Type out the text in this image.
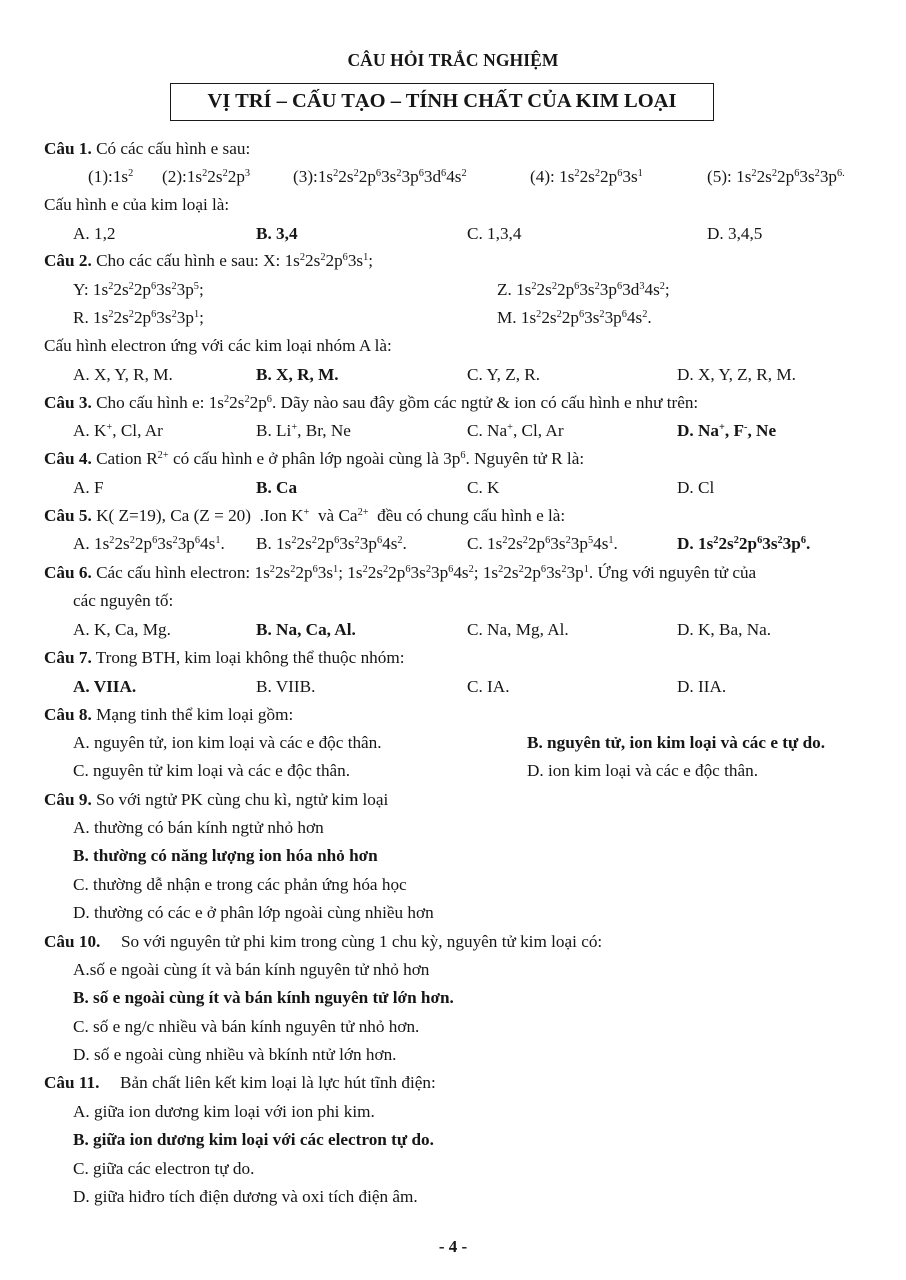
CÂU HỎI TRẮC NGHIỆM
VỊ TRÍ – CẤU TẠO – TÍNH CHẤT CỦA KIM LOẠI
Câu 1. Có các cấu hình e sau:
$(1):1s^2$ $(2):1s^22s^22p^3$ $(3):1s^22s^22p^63s^23p^63d^64s^2$	(4): $1s^22s^22p^63s^1$	(5): $1s^22s^22p^63s^23p^{6.}$
Cấu hình e của kim loại là:
A. 1,2	B. 3,4	C. 1,3,4	D. 3,4,5
Câu 2. Cho các cấu hình e sau: X: $1s^22s^22p^63s^1$;
Y: $1s^22s^22p^63s^23p^5$;	Z. $1s^22s^22p^63s^23p^63d^34s^2$;
R. $1s^22s^22p^63s^23p^1$;	M. $1s^22s^22p^63s^23p^64s^2$.
Cấu hình electron ứng với các kim loại nhóm A là:
A. X, Y, R, M.	B. X, R, M.	C. Y, Z, R.	D. X, Y, Z, R, M.
Câu 3. Cho cấu hình e: $1s^22s^22p^6$. Dãy nào sau đây gồm các ngtử & ion có cấu hình e như trên:
A. K+, Cl, Ar	B. Li+, Br, Ne	C. Na+, Cl, Ar	D. Na+, F-, Ne
Câu 4. Cation $R^{2+}$ có cấu hình e ở phân lớp ngoài cùng là $3p^6$. Nguyên tử R là:
A. F	B. Ca	C. K	D. Cl
Câu 5. K( Z=19), Ca (Z = 20)  .Ion K+  và $Ca^{2+}$  đều có chung cấu hình e là:
A. $1s^22s^22p^63s^23p^64s^1$. B. $1s^22s^22p^63s^23p^64s^2$.	C. $1s^22s^22p^63s^23p^54s^1$.	D. $1s^22s^22p^63s^23p^6$.
Câu 6. Các cấu hình electron: $1s^22s^22p^63s^1$; $1s^22s^22p^63s^23p^64s^2$; $1s^22s^22p^63s^23p^1$. Ứng với nguyên tử của
các nguyên tố:
A. K, Ca, Mg.	B. Na, Ca, Al.	C. Na, Mg, Al.	D. K, Ba, Na.
Câu 7. Trong BTH, kim loại không thể thuộc nhóm:
A. VIIA.	B. VIIB.	C. IA.	D. IIA.
Câu 8. Mạng tinh thể kim loại gồm:
A. nguyên tử, ion kim loại và các e độc thân.	B. nguyên tử, ion kim loại và các e tự do.
C. nguyên tử kim loại và các e độc thân.	D. ion kim loại và các e độc thân.
Câu 9. So với ngtử PK cùng chu kì, ngtử kim loại
A. thường có bán kính ngtử nhỏ hơn
B. thường có năng lượng ion hóa nhỏ hơn
C. thường dễ nhận e trong các phản ứng hóa học
D. thường có các e ở phân lớp ngoài cùng nhiều hơn
Câu 10. So với nguyên tử phi kim trong cùng 1 chu kỳ, nguyên tử kim loại có:
A.số e ngoài cùng ít và bán kính nguyên tử nhỏ hơn
B. số e ngoài cùng ít và bán kính nguyên tử lớn hơn.
C. số e ng/c nhiều và bán kính nguyên tử nhỏ hơn.
D. số e ngoài cùng nhiều và bkính ntử lớn hơn.
Câu 11. Bản chất liên kết kim loại là lực hút tĩnh điện:
A. giữa ion dương kim loại với ion phi kim.
B. giữa ion dương kim loại với các electron tự do.
C. giữa các electron tự do.
D. giữa hiđro tích điện dương và oxi tích điện âm.
- 4 -
